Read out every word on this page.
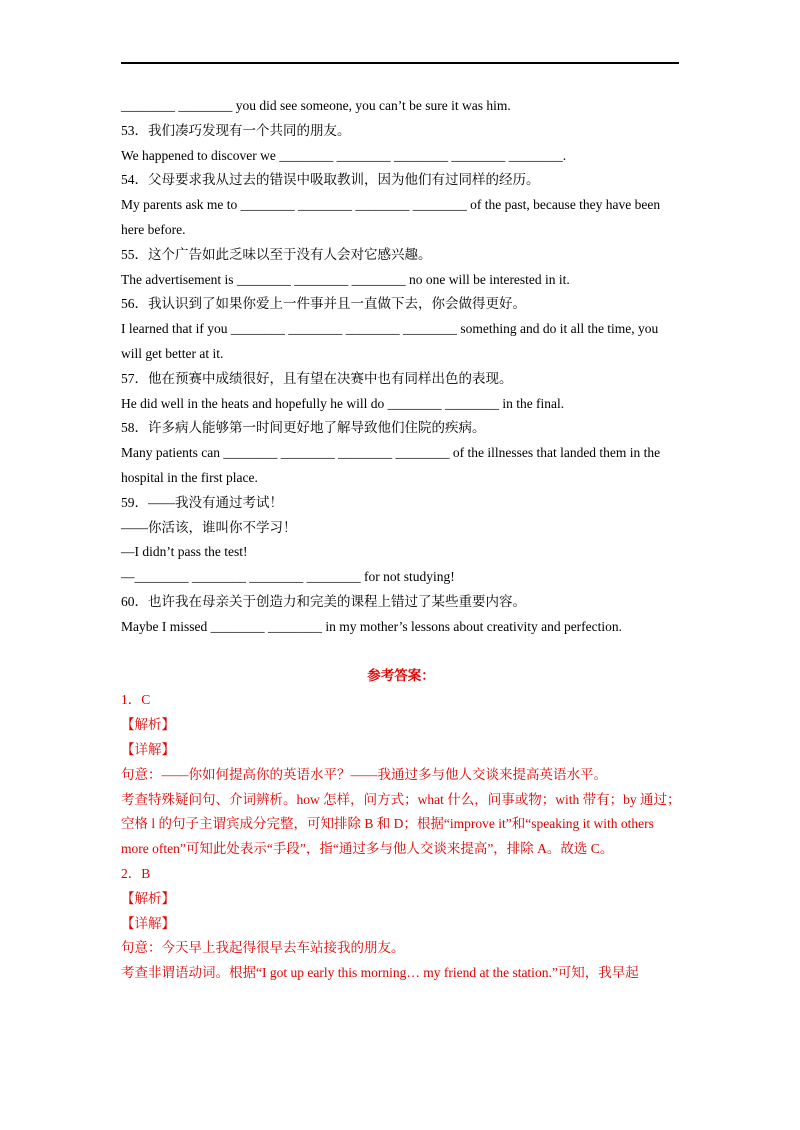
________ ________ you did see someone, you can’t be sure it was him.
53．我们凑巧发现有一个共同的朋友。
We happened to discover we ________ ________ ________ ________ ________.
54．父母要求我从过去的错误中吸取教训，因为他们有过同样的经历。
My parents ask me to ________ ________ ________ ________ of the past, because they have been here before.
55．这个广告如此乏味以至于没有人会对它感兴趣。
The advertisement is ________ ________ ________ no one will be interested in it.
56．我认识到了如果你爱上一件事并且一直做下去，你会做得更好。
I learned that if you ________ ________ ________ ________ something and do it all the time, you will get better at it.
57．他在预赛中成绩很好，且有望在决赛中也有同样出色的表现。
He did well in the heats and hopefully he will do ________ ________ in the final.
58．许多病人能够第一时间更好地了解导致他们住院的疾病。
Many patients can ________ ________ ________ ________ of the illnesses that landed them in the hospital in the first place.
59．——我没有通过考试！
——你活该，谁叫你不学习！
—I didn’t pass the test!
—________ ________ ________ ________ for not studying!
60．也许我在母亲关于创造力和完美的课程上错过了某些重要内容。
Maybe I missed ________ ________ in my mother’s lessons about creativity and perfection.
参考答案：
1．C
【解析】
【详解】
句意：——你如何提高你的英语水平？——我通过多与他人交谈来提高英语水平。
考查特殊疑问句、介词辨析。how 怎样，问方式；what 什么，问事或物；with 带有；by 通过；空格 l 的句子主谓宾成分完整，可知排除 B 和 D；根据“improve it”和“speaking it with others more often”可知此处表示“手段”，指“通过多与他人交谈来提高”，排除 A。故选 C。
2．B
【解析】
【详解】
句意：今天早上我起得很早去车站接我的朋友。
考查非谓语动词。根据“I got up early this morning… my friend at the station.”可知，我早起
